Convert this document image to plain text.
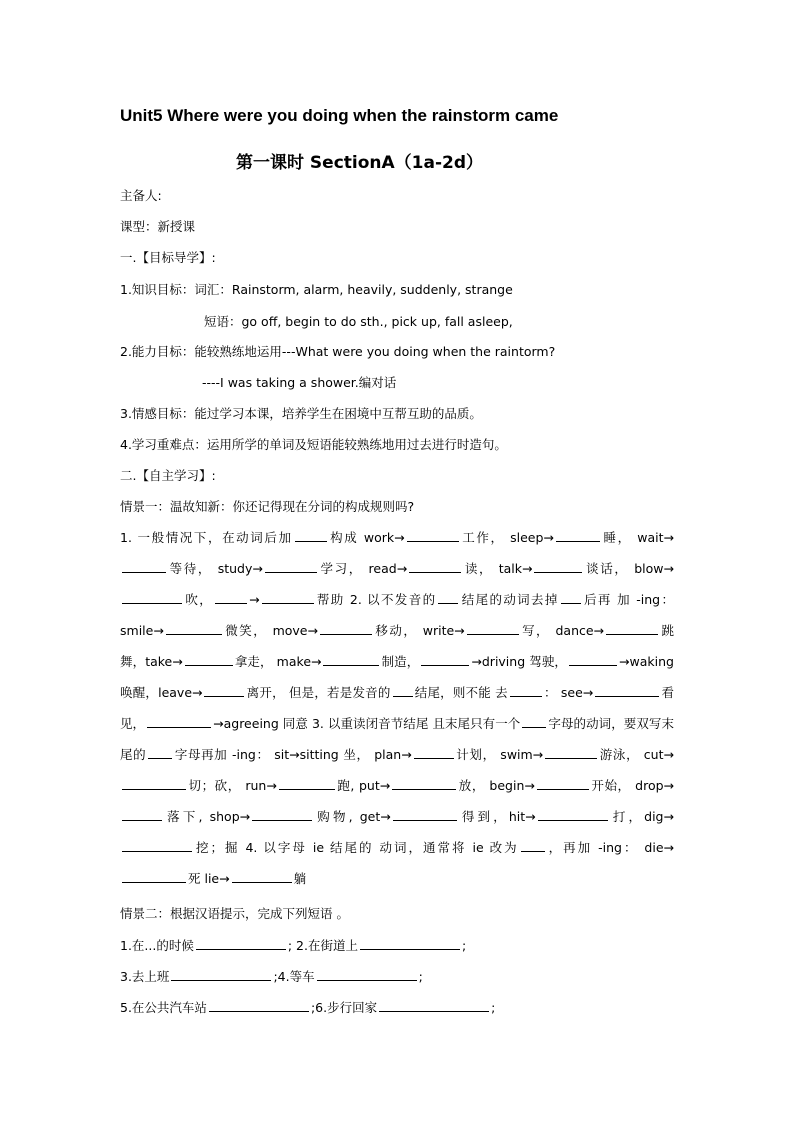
Unit5 Where were you doing when the rainstorm came
第一课时 SectionA（1a-2d）
主备人:
课型：新授课
一.【目标导学】:
1.知识目标：词汇：Rainstorm, alarm, heavily, suddenly, strange
短语：go off, begin to do sth., pick up, fall asleep,
2.能力目标：能较熟练地运用---What were you doing when the raintorm?
----I was taking a shower.编对话
3.情感目标：能过学习本课，培养学生在困境中互帮互助的品质。
4.学习重难点：运用所学的单词及短语能较熟练地用过去进行时造句。
二.【自主学习】:
情景一：温故知新：你还记得现在分词的构成规则吗?
1. 一般情况下，在动词后加	构成 work→	工作， sleep→	睡， wait→等待， study→	学习， read→	读， talk→	谈话， blow→吹，	→	帮助 2. 以不发音的 结尾的动词去掉 后再 加 -ing： smile→	微笑， move→	移动， write→	写， dance→	跳舞，take→	拿走， make→	制造，	→driving 驾驶，	→waking 唤醒，leave→	离开， 但是，若是发音的 结尾，则不能 去	： see→	看见，	→agreeing 同意 3. 以重读闭音节结尾 且末尾只有一个 字母的动词，要双写末尾的 字母再加 -ing： sit→sitting 坐， plan→	计划， swim→	游泳， cut→切；砍， run→	跑, put→	放， begin→	开始， drop→落下, shop→	购物, get→	得到，hit→	打，dig→挖；掘 4. 以字母 ie 结尾的 动词，通常将 ie 改为 ，再加 -ing： die→死 lie→	躺
情景二：根据汉语提示，完成下列短语 。
1.在...的时候	; 2.在街道上	;
3.去上班	;4.等车	;
5.在公共汽车站	;6.步行回家	;
